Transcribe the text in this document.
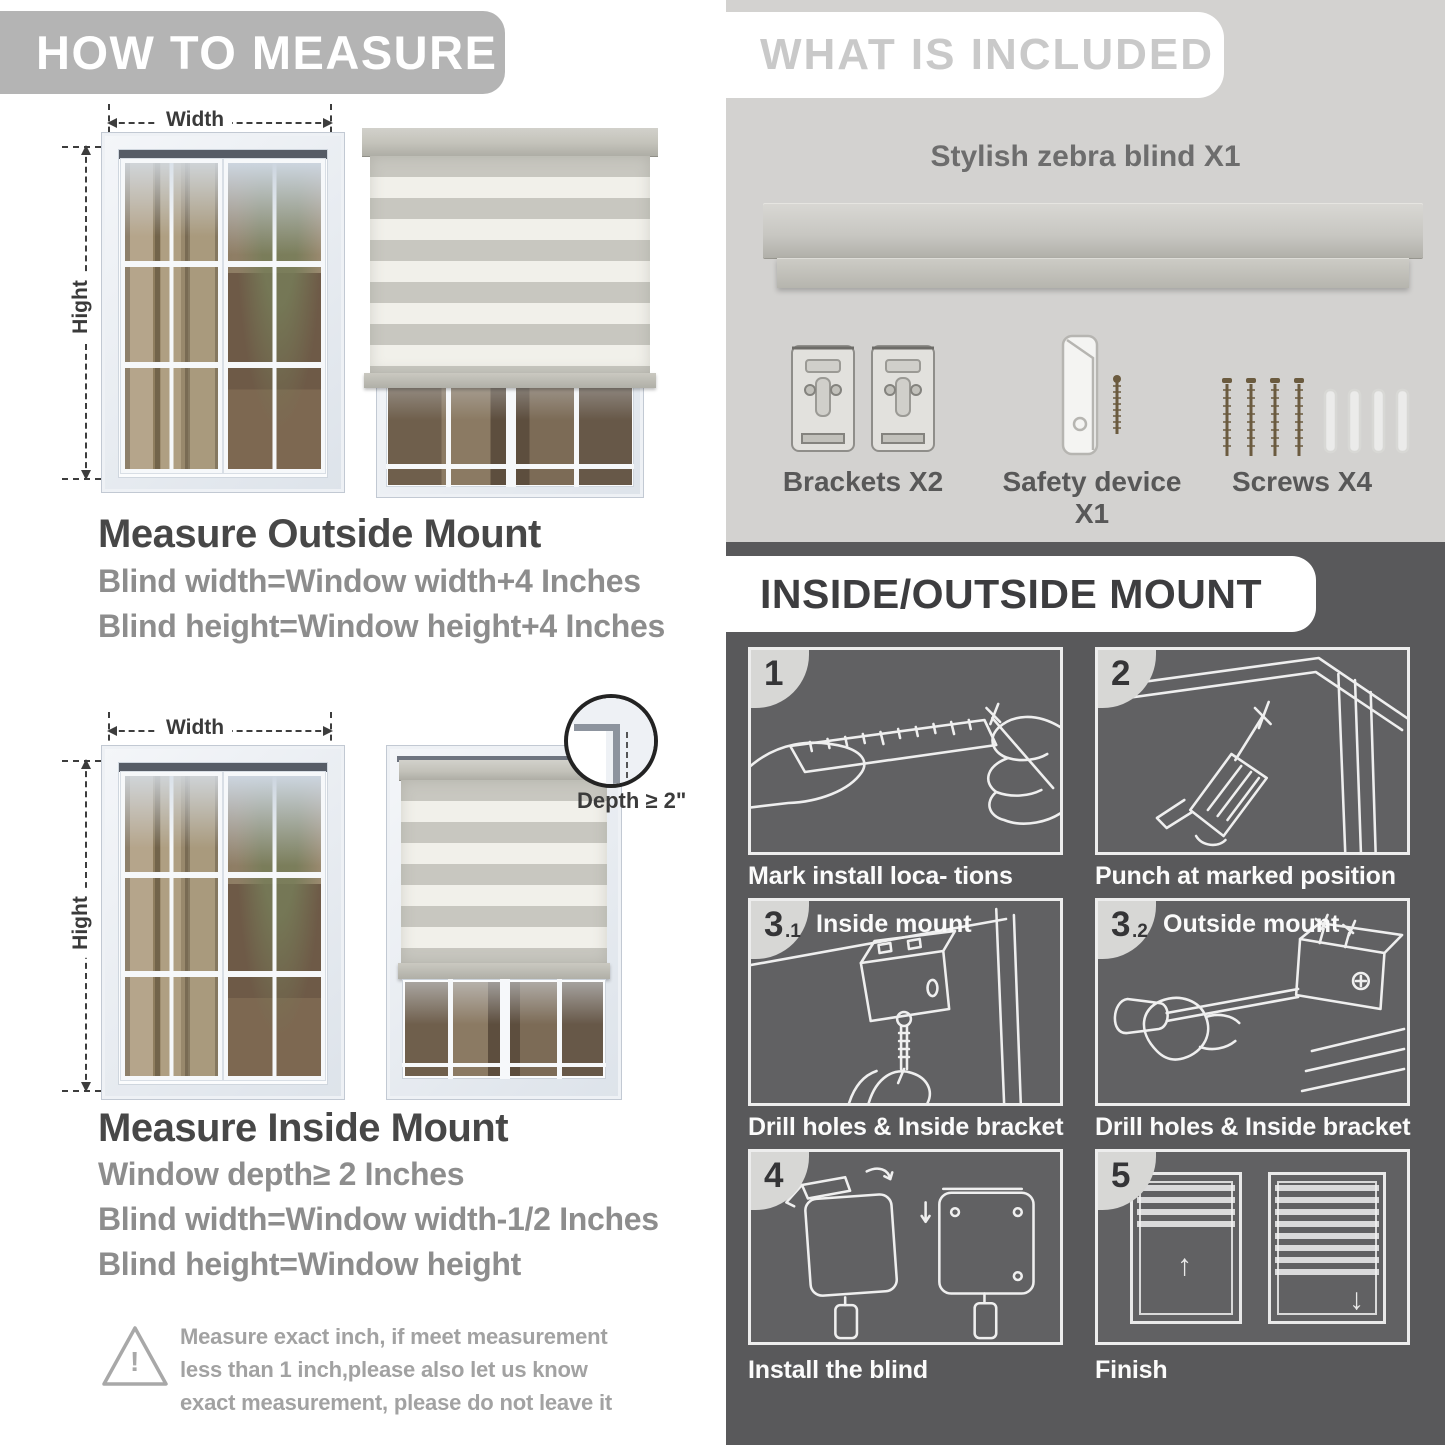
HOW TO MEASURE
Width
Hight
Measure Outside Mount
Blind width=Window width+4 Inches
Blind height=Window height+4 Inches
Width
Hight
Depth ≥ 2"
Measure Inside Mount
Window depth≥ 2 Inches
Blind width=Window width-1/2 Inches
Blind height=Window height
!
Measure exact inch, if meet measurement less than 1 inch,please also let us know exact measurement, please do not leave it
WHAT IS INCLUDED
Stylish zebra blind X1
Brackets X2	Safety device X1
Screws X4
INSIDE/OUTSIDE MOUNT
Mark install loca- tions
1
Punch at marked position
2
Drill holes & Inside bracket
3 .1 Inside mount
Drill holes & Inside bracket
3 .2 Outside mount
Install the blind
4
↑
↓
Finish
5
